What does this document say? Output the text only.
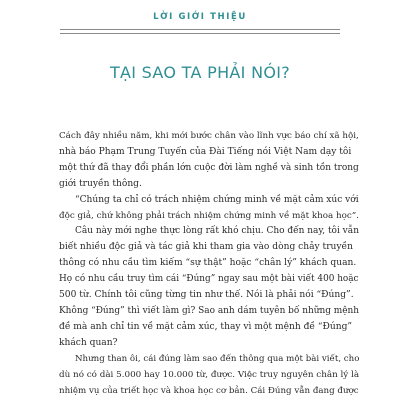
LỜI GIỚI THIỆU
TẠI SAO TA PHẢI NÓI?

Cách đây nhiều năm, khi mới bước chân vào lĩnh vực báo chí xã hội,
nhà báo Phạm Trung Tuyến của Đài Tiếng nói Việt Nam dạy tôi
một thứ đã thay đổi phần lớn cuộc đời làm nghề và sinh tồn trong
giới truyền thông.

“Chúng ta chỉ có trách nhiệm chứng minh về mặt cảm xúc với
độc giả, chứ không phải trách nhiệm chứng minh về mặt khoa học”.

Câu này mới nghe thực lòng rất khó chịu. Cho đến nay, tôi vẫn
biết nhiều độc giả và tác giả khi tham gia vào dòng chảy truyền
thông có nhu cầu tìm kiếm “sự thật” hoặc “chân lý” khách quan.
Họ có nhu cầu truy tìm cái “Đúng” ngay sau một bài viết 400 hoặc
500 từ. Chính tôi cũng từng tin như thế. Nói là phải nói “Đúng”.
Không “Đúng” thì viết làm gì? Sao anh dám tuyên bố những mệnh
đề mà anh chỉ tin về mặt cảm xúc, thay vì một mệnh đề “Đúng”
khách quan?

Nhưng than ôi, cái đúng làm sao đến thông qua một bài viết, cho
dù nó có dài 5.000 hay 10.000 từ, được. Việc truy nguyên chân lý là
nhiệm vụ của triết học và khoa học cơ bản. Cái Đúng vẫn đang được
